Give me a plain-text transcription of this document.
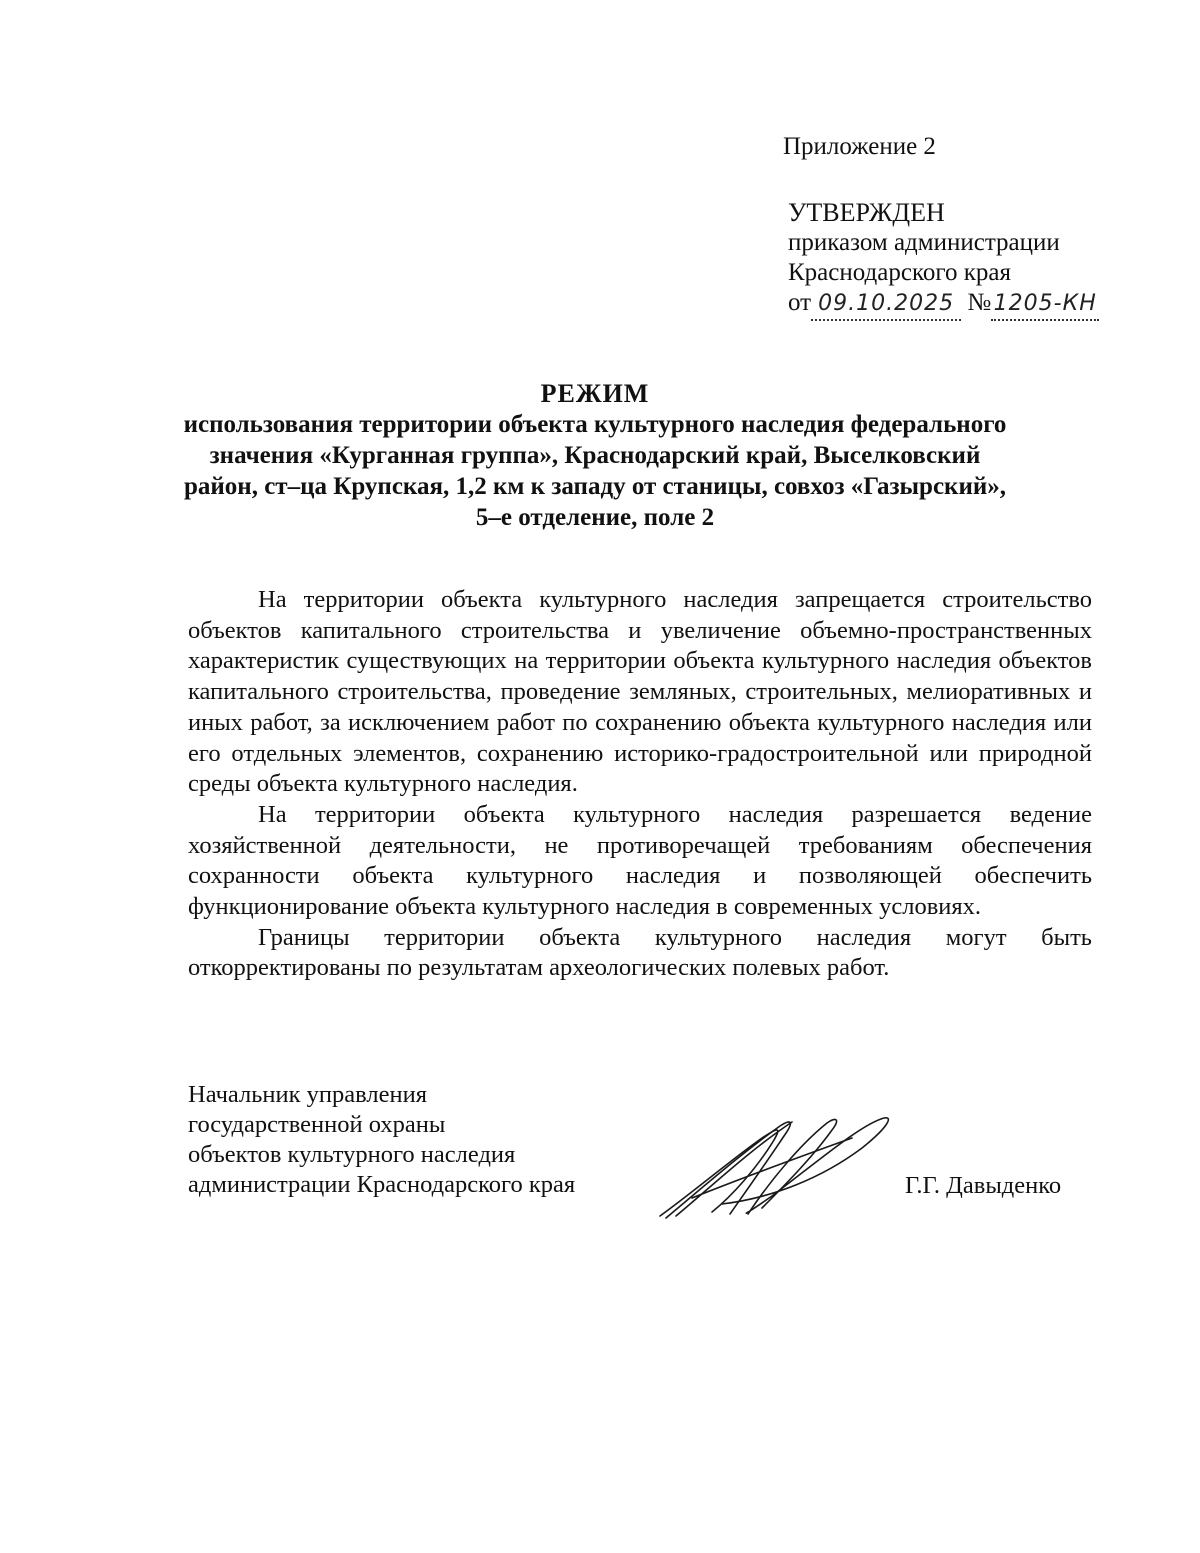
Приложение 2
УТВЕРЖДЕН
приказом администрации
Краснодарского края
от 09.10.2025 № 1205-КН
РЕЖИМ
использования территории объекта культурного наследия федерального
значения «Курганная группа», Краснодарский край, Выселковский
район, ст–ца Крупская, 1,2 км к западу от станицы, совхоз «Газырский»,
5–е отделение, поле 2

На территории объекта культурного наследия запрещается строительство объектов капитального строительства и увеличение объемно-пространственных характеристик существующих на территории объекта культурного наследия объектов капитального строительства, проведение земляных, строительных, мелиоративных и иных работ, за исключением работ по сохранению объекта культурного наследия или его отдельных элементов, сохранению историко-градостроительной или природной среды объекта культурного наследия.

На территории объекта культурного наследия разрешается ведение хозяйственной деятельности, не противоречащей требованиям обеспечения сохранности объекта культурного наследия и позволяющей обеспечить функционирование объекта культурного наследия в современных условиях.

Границы территории объекта культурного наследия могут быть откорректированы по результатам археологических полевых работ.

Начальник управления
государственной охраны
объектов культурного наследия
администрации Краснодарского края	Г.Г. Давыденко
